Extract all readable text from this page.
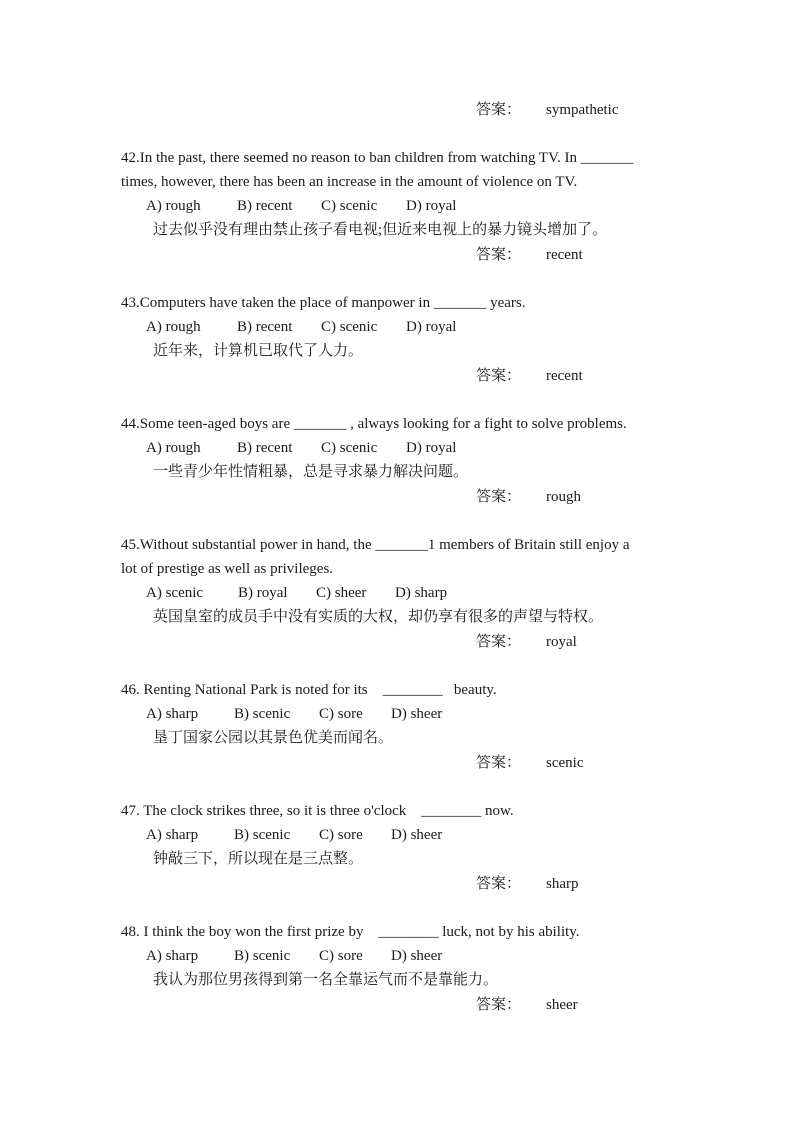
答案： sympathetic

42.In the past, there seemed no reason to ban children from watching TV. In _______

times, however, there has been an increase in the amount of violence on TV.

A) rough B) recent C) scenic D) royal
过去似乎没有理由禁止孩子看电视;但近来电视上的暴力镜头增加了。
答案： recent

43.Computers have taken the place of manpower in _______ years.

A) rough B) recent C) scenic D) royal
近年来，计算机已取代了人力。
答案： recent

44.Some teen-aged boys are _______ , always looking for a fight to solve problems.

A) rough B) recent C) scenic D) royal
一些青少年性情粗暴，总是寻求暴力解决问题。
答案： rough

45.Without substantial power in hand, the _______1 members of Britain still enjoy a

lot of prestige as well as privileges.

A) scenic B) royal C) sheer D) sharp
英国皇室的成员手中没有实质的大权，却仍享有很多的声望与特权。
答案： royal

46. Renting National Park is noted for its    ________   beauty.

A) sharp B) scenic C) sore D) sheer
垦丁国家公园以其景色优美而闻名。
答案： scenic

47. The clock strikes three, so it is three o'clock    ________ now.

A) sharp B) scenic C) sore D) sheer
钟敲三下，所以现在是三点整。
答案： sharp

48. I think the boy won the first prize by    ________ luck, not by his ability.

A) sharp B) scenic C) sore D) sheer
我认为那位男孩得到第一名全靠运气而不是靠能力。
答案： sheer
